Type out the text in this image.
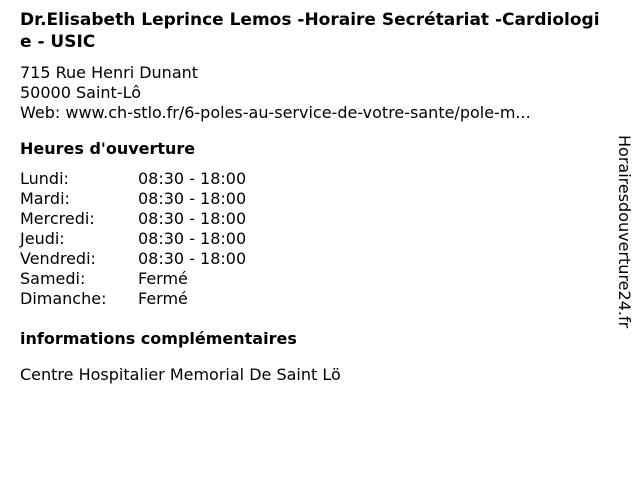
Dr.Elisabeth Leprince Lemos -Horaire Secrétariat -Cardiologie - USIC
715 Rue Henri Dunant
50000 Saint-Lô
Web: www.ch-stlo.fr/6-poles-au-service-de-votre-sante/pole-m...
Heures d'ouverture
Lundi:	08:30 - 18:00
Mardi:	08:30 - 18:00
Mercredi:	08:30 - 18:00
Jeudi:	08:30 - 18:00
Vendredi:	08:30 - 18:00
Samedi:	Fermé
Dimanche:	Fermé
informations complémentaires
Centre Hospitalier Memorial De Saint Lö
Horairesdouverture24.fr
